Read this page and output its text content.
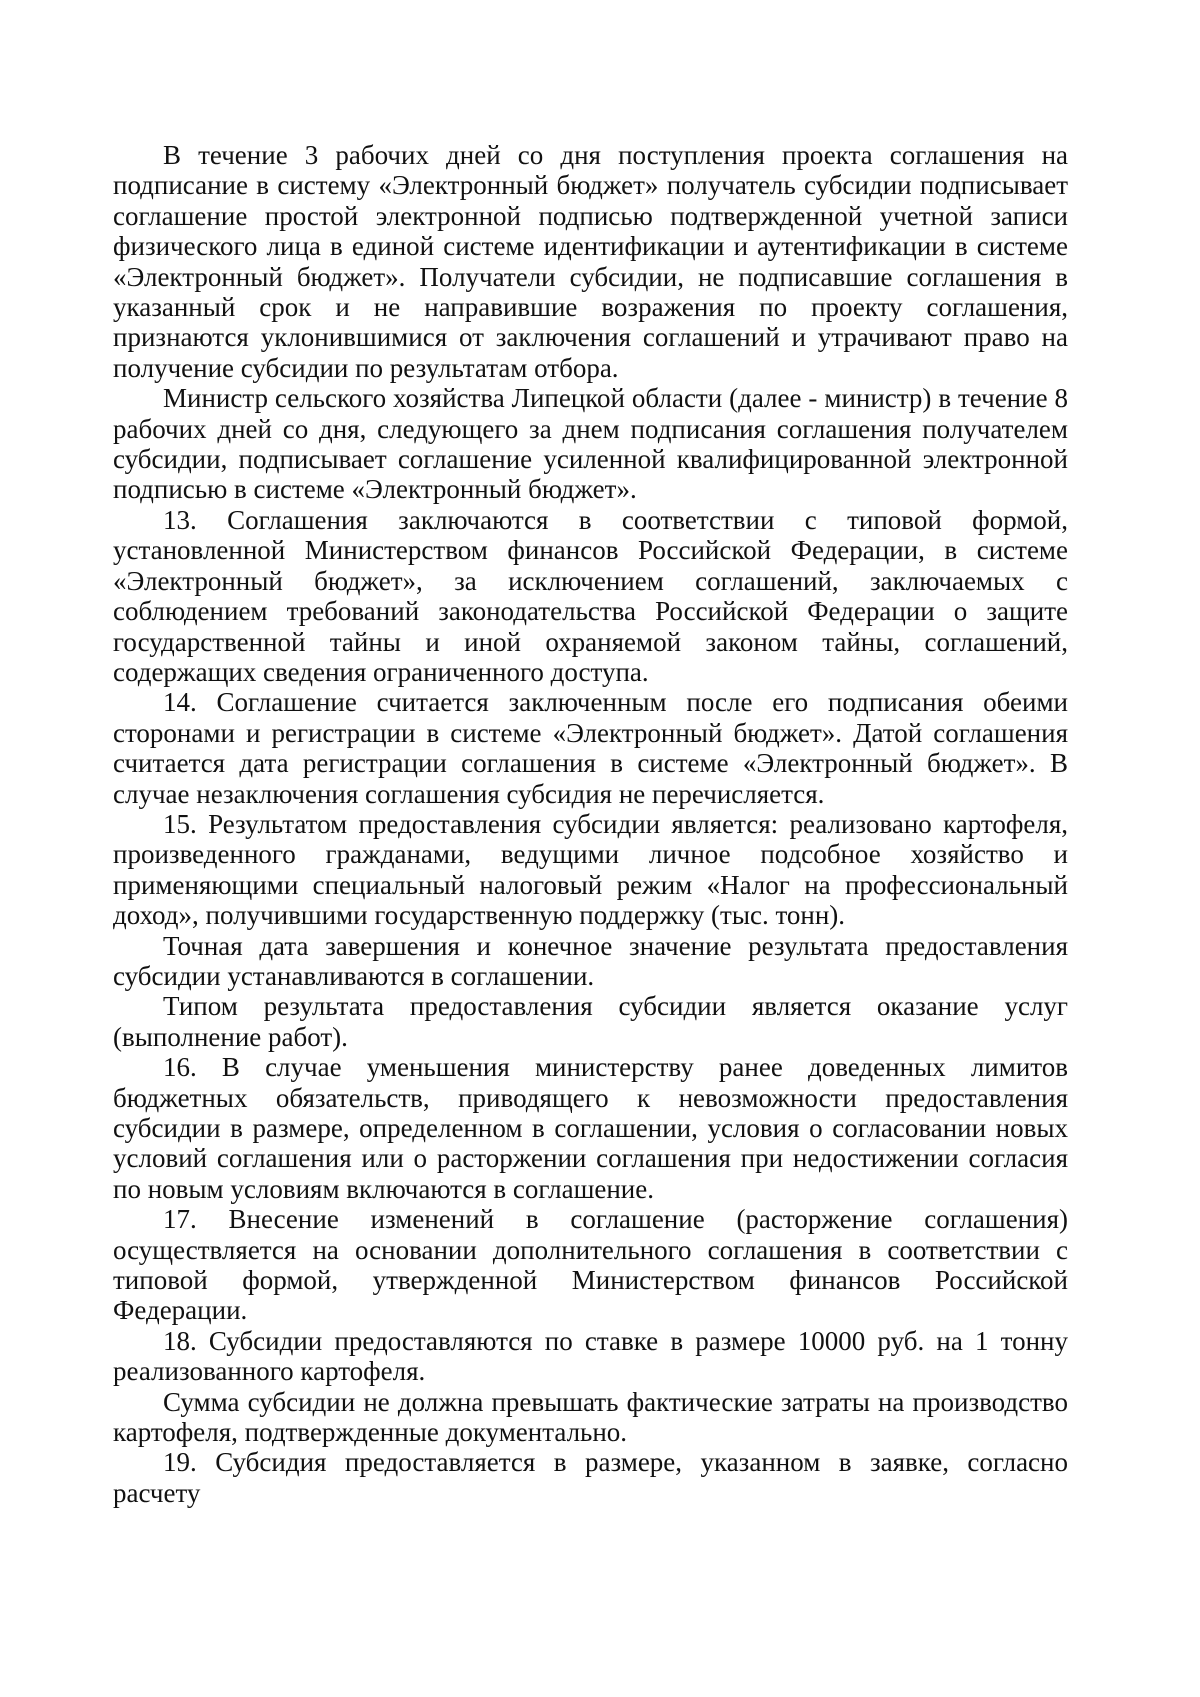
В течение 3 рабочих дней со дня поступления проекта соглашения на подписание в систему «Электронный бюджет» получатель субсидии подписывает соглашение простой электронной подписью подтвержденной учетной записи физического лица в единой системе идентификации и аутентификации в системе «Электронный бюджет». Получатели субсидии, не подписавшие соглашения в указанный срок и не направившие возражения по проекту соглашения, признаются уклонившимися от заключения соглашений и утрачивают право на получение субсидии по результатам отбора.

Министр сельского хозяйства Липецкой области (далее - министр) в течение 8 рабочих дней со дня, следующего за днем подписания соглашения получателем субсидии, подписывает соглашение усиленной квалифицированной электронной подписью в системе «Электронный бюджет».

13. Соглашения заключаются в соответствии с типовой формой, установленной Министерством финансов Российской Федерации, в системе «Электронный бюджет», за исключением соглашений, заключаемых с соблюдением требований законодательства Российской Федерации о защите государственной тайны и иной охраняемой законом тайны, соглашений, содержащих сведения ограниченного доступа.

14. Соглашение считается заключенным после его подписания обеими сторонами и регистрации в системе «Электронный бюджет». Датой соглашения считается дата регистрации соглашения в системе «Электронный бюджет». В случае незаключения соглашения субсидия не перечисляется.

15. Результатом предоставления субсидии является: реализовано картофеля, произведенного гражданами, ведущими личное подсобное хозяйство и применяющими специальный налоговый режим «Налог на профессиональный доход», получившими государственную поддержку (тыс. тонн).

Точная дата завершения и конечное значение результата предоставления субсидии устанавливаются в соглашении.

Типом результата предоставления субсидии является оказание услуг (выполнение работ).

16. В случае уменьшения министерству ранее доведенных лимитов бюджетных обязательств, приводящего к невозможности предоставления субсидии в размере, определенном в соглашении, условия о согласовании новых условий соглашения или о расторжении соглашения при недостижении согласия по новым условиям включаются в соглашение.

17. Внесение изменений в соглашение (расторжение соглашения) осуществляется на основании дополнительного соглашения в соответствии с типовой формой, утвержденной Министерством финансов Российской Федерации.

18. Субсидии предоставляются по ставке в размере 10000 руб. на 1 тонну реализованного картофеля.

Сумма субсидии не должна превышать фактические затраты на производство картофеля, подтвержденные документально.

19. Субсидия предоставляется в размере, указанном в заявке, согласно расчету
